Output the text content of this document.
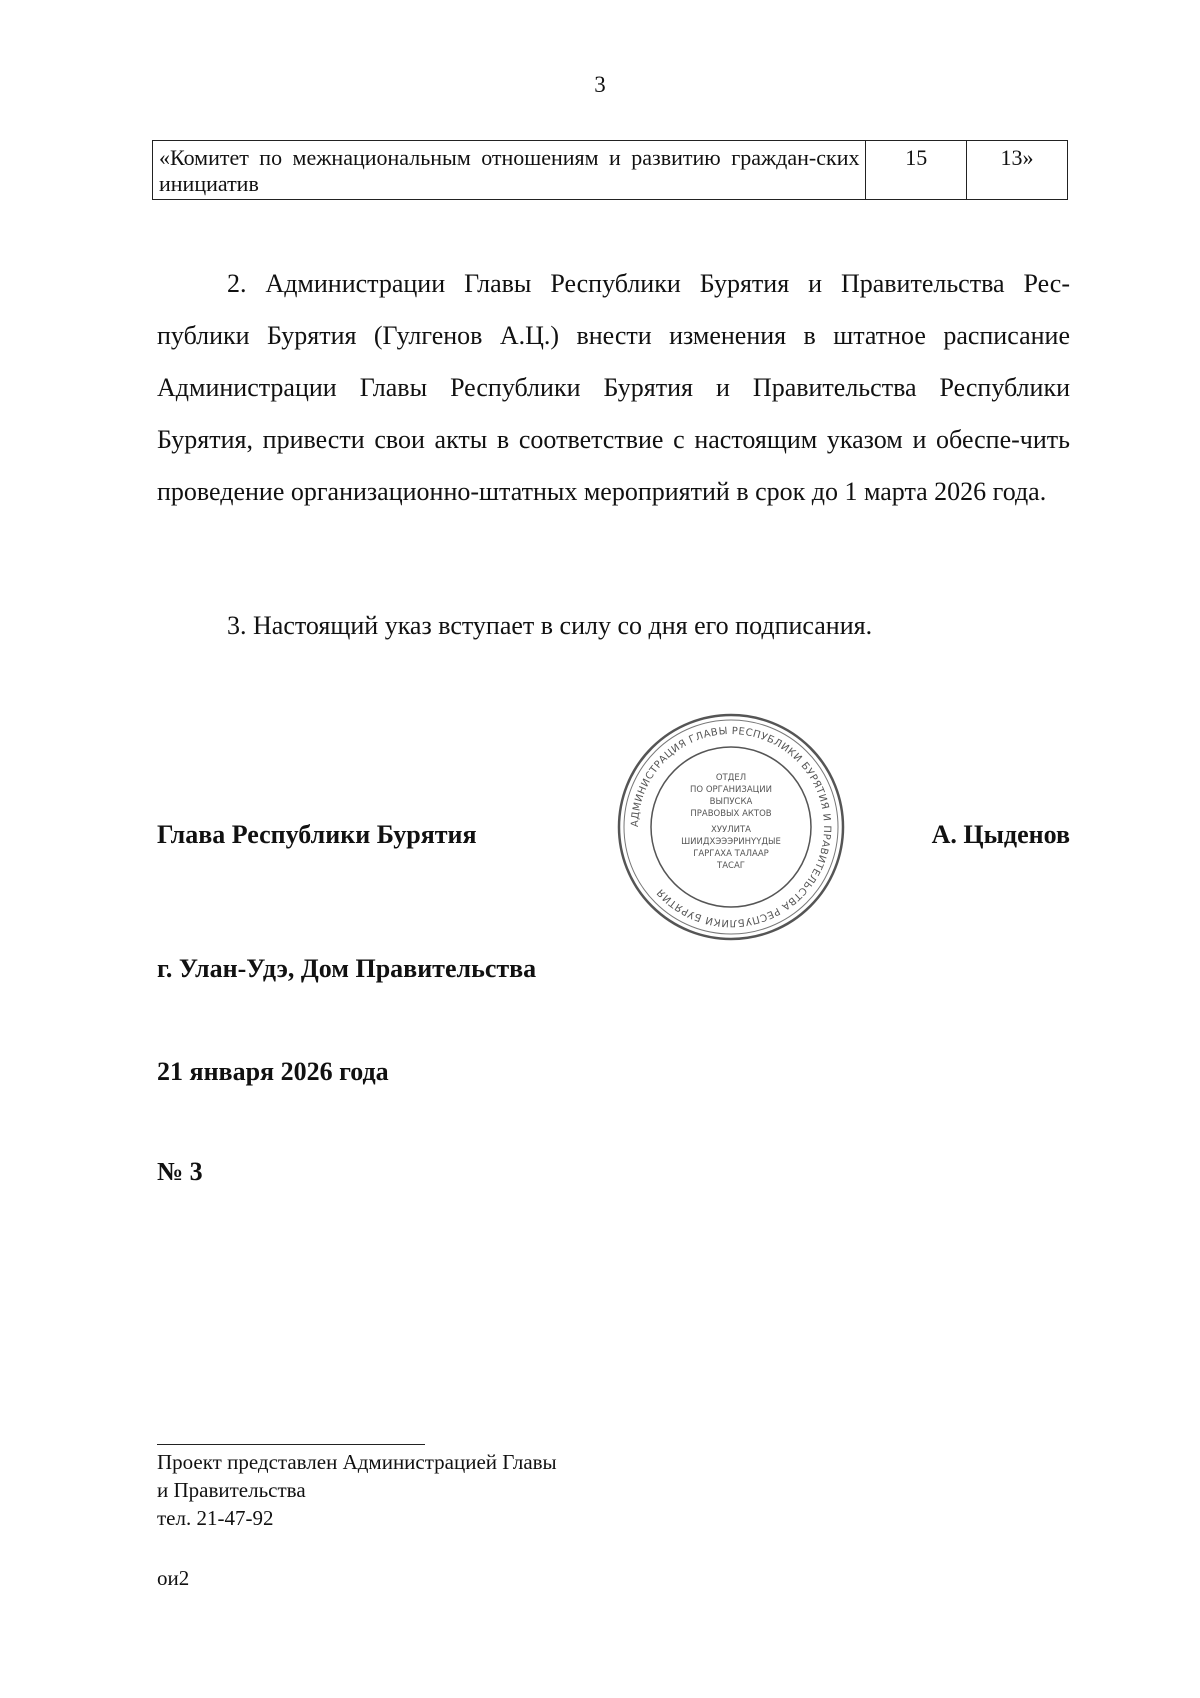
3
«Комитет по межнациональным отношениям и развитию граждан-ских инициатив	15	13»
2. Администрации Главы Республики Бурятия и Правительства Рес-публики Бурятия (Гулгенов А.Ц.) внести изменения в штатное расписание Администрации Главы Республики Бурятия и Правительства Республики Бурятия, привести свои акты в соответствие с настоящим указом и обеспе-чить проведение организационно-штатных мероприятий в срок до 1 марта 2026 года.
3. Настоящий указ вступает в силу со дня его подписания.
АДМИНИСТРАЦИЯ ГЛАВЫ РЕСПУБЛИКИ БУРЯТИЯ И ПРАВИТЕЛЬСТВА РЕСПУБЛИКИ БУРЯТИЯ
ОТДЕЛ
ПО ОРГАНИЗАЦИИ
ВЫПУСКА
ПРАВОВЫХ АКТОВ
ХУУЛИТА
ШИИДХЭЭЭРИНҮҮДЫЕ
ГАРГАХА ТАЛААР
ТАСАГ
Глава Республики Бурятия	А. Цыденов
г. Улан-Удэ, Дом Правительства
21 января 2026 года
№ 3
Проект представлен Администрацией Главы
и Правительства
тел. 21-47-92
ои2
